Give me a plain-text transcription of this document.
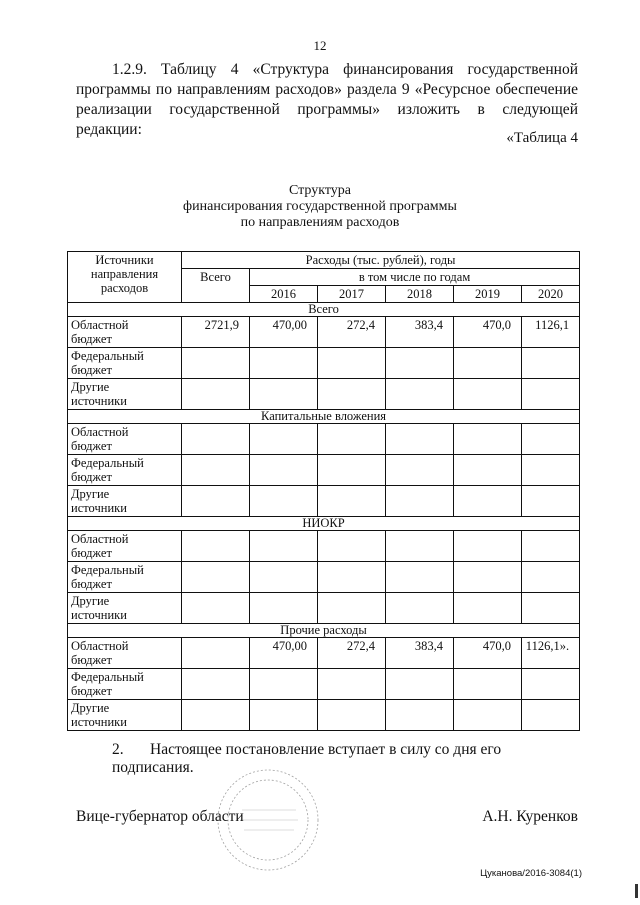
12
1.2.9. Таблицу 4 «Структура финансирования государственной программы по направлениям расходов» раздела 9 «Ресурсное обеспечение реализации государственной программы» изложить в следующей редакции:	«Таблица 4
Структура
финансирования государственной программы
по направлениям расходов
Источники направления расходов	Расходы (тыс. рублей), годы					
	Всего	в том числе по годам				
		2016	2017	2018	2019	2020
Всего						

Областной
бюджет	2721,9	470,00	272,4	383,4	470,0	1126,1

Федеральный
бюджет						

Другие
источники						

Капитальные вложения						

Областной
бюджет						

Федеральный
бюджет						

Другие
источники						

НИОКР						

Областной
бюджет						

Федеральный
бюджет						

Другие
источники						

Прочие расходы						

Областной
бюджет		470,00	272,4	383,4	470,0	1126,1».

Федеральный
бюджет						

Другие
источники						

2. Настоящее постановление вступает в силу со дня его подписания.
Вице-губернатор области	А.Н. Куренков
Цуканова/2016-3084(1)
